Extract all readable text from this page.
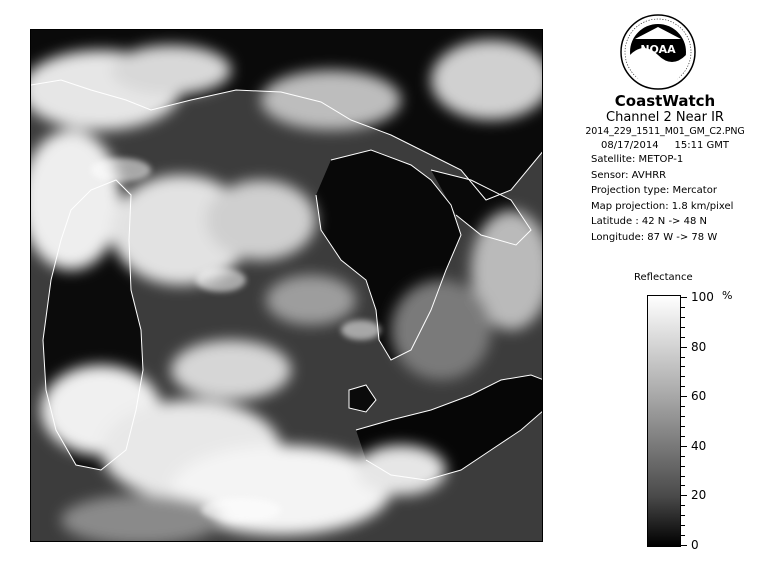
NOAA
CoastWatch
Channel 2 Near IR
2014_229_1511_M01_GM_C2.PNG
08/17/2014 15:11 GMT
Satellite: METOP-1
Sensor: AVHRR
Projection type: Mercator
Map projection: 1.8 km/pixel
Latitude : 42 N -> 48 N
Longitude: 87 W -> 78 W
Reflectance
%
100
80
60
40
20
0
